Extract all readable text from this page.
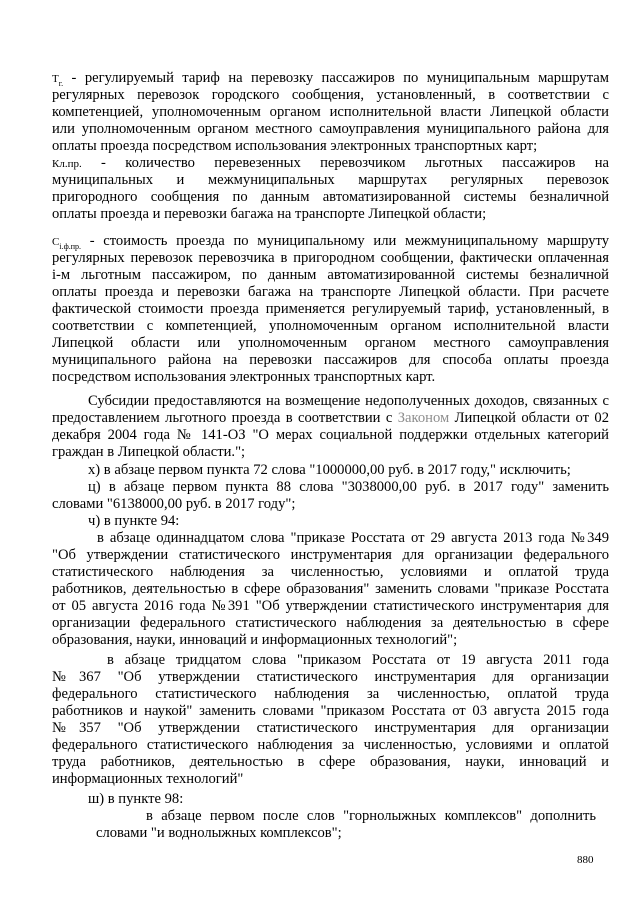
$Т_{г.}$ - регулируемый тариф на перевозку пассажиров по муниципальным маршрутам
регулярных перевозок городского сообщения, установленный, в соответствии с
компетенцией, уполномоченным органом исполнительной власти Липецкой области
или уполномоченным органом местного самоуправления муниципального района для
оплаты проезда посредством использования электронных транспортных карт;
Кл.пр. - количество перевезенных перевозчиком льготных пассажиров на
муниципальных и межмуниципальных маршрутах регулярных перевозок
пригородного сообщения по данным автоматизированной системы безналичной
оплаты проезда и перевозки багажа на транспорте Липецкой области;
$С_{i.ф.пр.}$ - стоимость проезда по муниципальному или межмуниципальному маршруту
регулярных перевозок перевозчика в пригородном сообщении, фактически оплаченная
i-м льготным пассажиром, по данным автоматизированной системы безналичной
оплаты проезда и перевозки багажа на транспорте Липецкой области. При расчете
фактической стоимости проезда применяется регулируемый тариф, установленный, в
соответствии с компетенцией, уполномоченным органом исполнительной власти
Липецкой области или уполномоченным органом местного самоуправления
муниципального района на перевозки пассажиров для способа оплаты проезда
посредством использования электронных транспортных карт.
Субсидии предоставляются на возмещение недополученных доходов, связанных с
предоставлением льготного проезда в соответствии с Законом Липецкой области от 02
декабря 2004 года № 141-ОЗ "О мерах социальной поддержки отдельных категорий
граждан в Липецкой области.";
х) в абзаце первом пункта 72 слова "1000000,00 руб. в 2017 году," исключить;
ц) в абзаце первом пункта 88 слова "3038000,00 руб. в 2017 году" заменить
словами "6138000,00 руб. в 2017 году";
ч) в пункте 94:
в абзаце одиннадцатом слова "приказе Росстата от 29 августа 2013 года №349
"Об утверждении статистического инструментария для организации федерального
статистического наблюдения за численностью, условиями и оплатой труда
работников, деятельностью в сфере образования" заменить словами "приказе Росстата
от 05 августа 2016 года №391 "Об утверждении статистического инструментария для
организации федерального статистического наблюдения за деятельностью в сфере
образования, науки, инноваций и информационных технологий";
в абзаце тридцатом слова "приказом Росстата от 19 августа 2011 года
№367 "Об утверждении статистического инструментария для организации
федерального статистического наблюдения за численностью, оплатой труда
работников и наукой" заменить словами "приказом Росстата от 03 августа 2015 года
№357 "Об утверждении статистического инструментария для организации
федерального статистического наблюдения за численностью, условиями и оплатой
труда работников, деятельностью в сфере образования, науки, инноваций и
информационных технологий"
ш) в пункте 98:
в абзаце первом после слов "горнолыжных комплексов" дополнить
словами "и воднолыжных комплексов";
880
